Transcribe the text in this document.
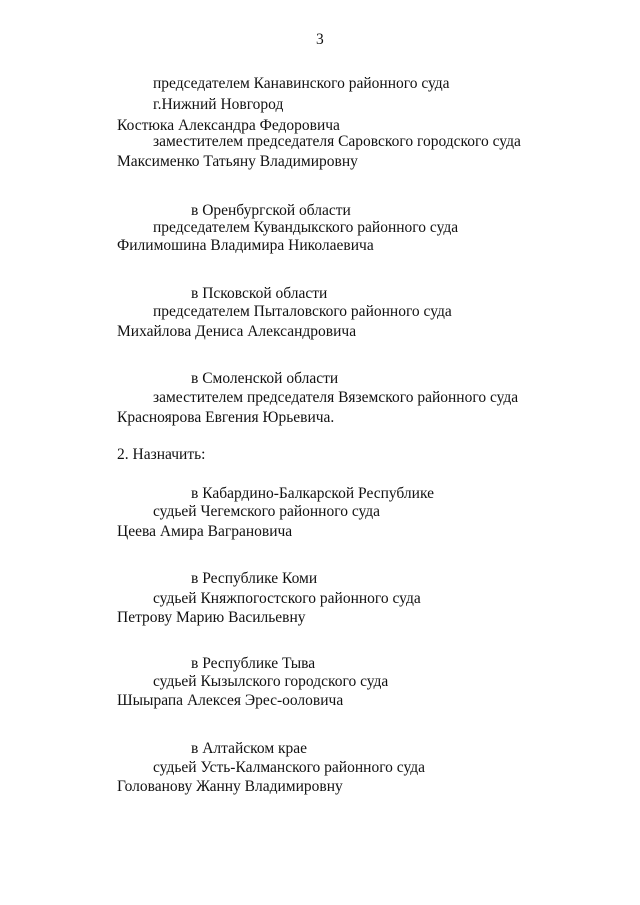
3
председателем Канавинского районного суда
г.Нижний Новгород
Костюка Александра Федоровича
заместителем председателя Саровского городского суда
Максименко Татьяну Владимировну
в Оренбургской области
председателем Кувандыкского районного суда
Филимошина Владимира Николаевича
в Псковской области
председателем Пыталовского районного суда
Михайлова Дениса Александровича
в Смоленской области
заместителем председателя Вяземского районного суда
Красноярова Евгения Юрьевича.
2. Назначить:
в Кабардино-Балкарской Республике
судьей Чегемского районного суда
Цеева Амира Ваграновича
в Республике Коми
судьей Княжпогостского районного суда
Петрову Марию Васильевну
в Республике Тыва
судьей Кызылского городского суда
Шыырапа Алексея Эрес-ооловича
в Алтайском крае
судьей Усть-Калманского районного суда
Голованову Жанну Владимировну
